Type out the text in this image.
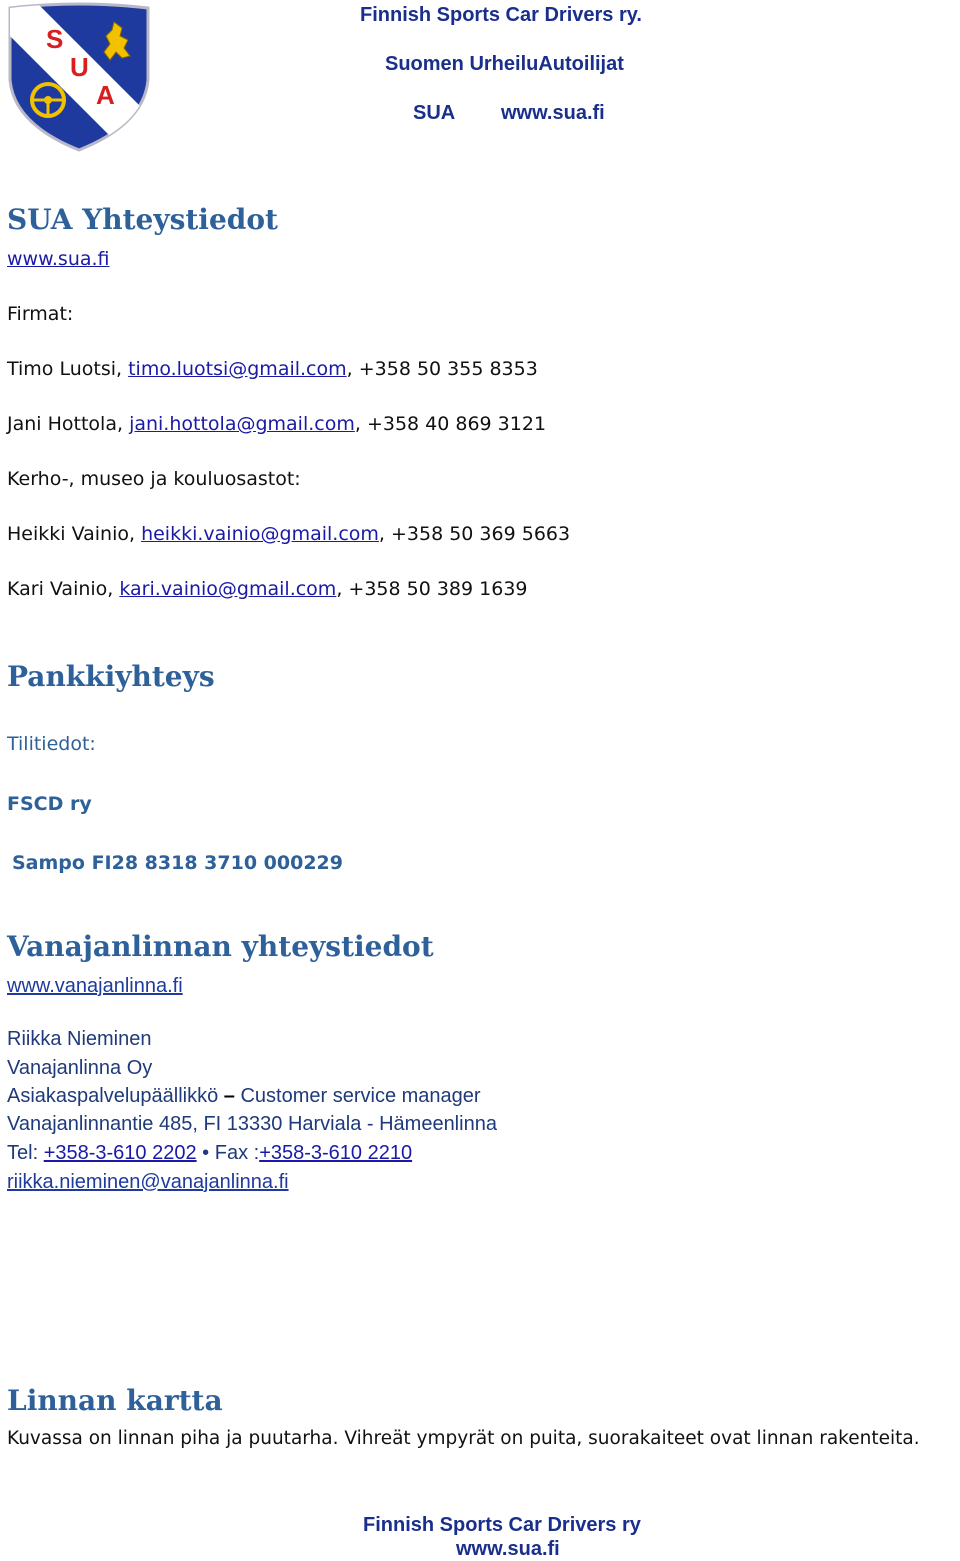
S
U
A
Finnish Sports Car Drivers ry.
Suomen UrheiluAutoilijat
SUA www.sua.fi
SUA Yhteystiedot
www.sua.fi
Firmat:
Timo Luotsi, timo.luotsi@gmail.com, +358 50 355 8353
Jani Hottola, jani.hottola@gmail.com, +358 40 869 3121
Kerho-, museo ja kouluosastot:
Heikki Vainio, heikki.vainio@gmail.com, +358 50 369 5663
Kari Vainio, kari.vainio@gmail.com, +358 50 389 1639
Pankkiyhteys
Tilitiedot:
FSCD ry
Sampo FI28 8318 3710 000229
Vanajanlinnan yhteystiedot
www.vanajanlinna.fi
Riikka Nieminen
Vanajanlinna Oy
Asiakaspalvelupäällikkö – Customer service manager
Vanajanlinnantie 485, FI 13330 Harviala - Hämeenlinna
Tel: +358-3-610 2202 • Fax :+358-3-610 2210
riikka.nieminen@vanajanlinna.fi
Linnan kartta
Kuvassa on linnan piha ja puutarha. Vihreät ympyrät on puita, suorakaiteet ovat linnan rakenteita.
Finnish Sports Car Drivers ry
www.sua.fi
